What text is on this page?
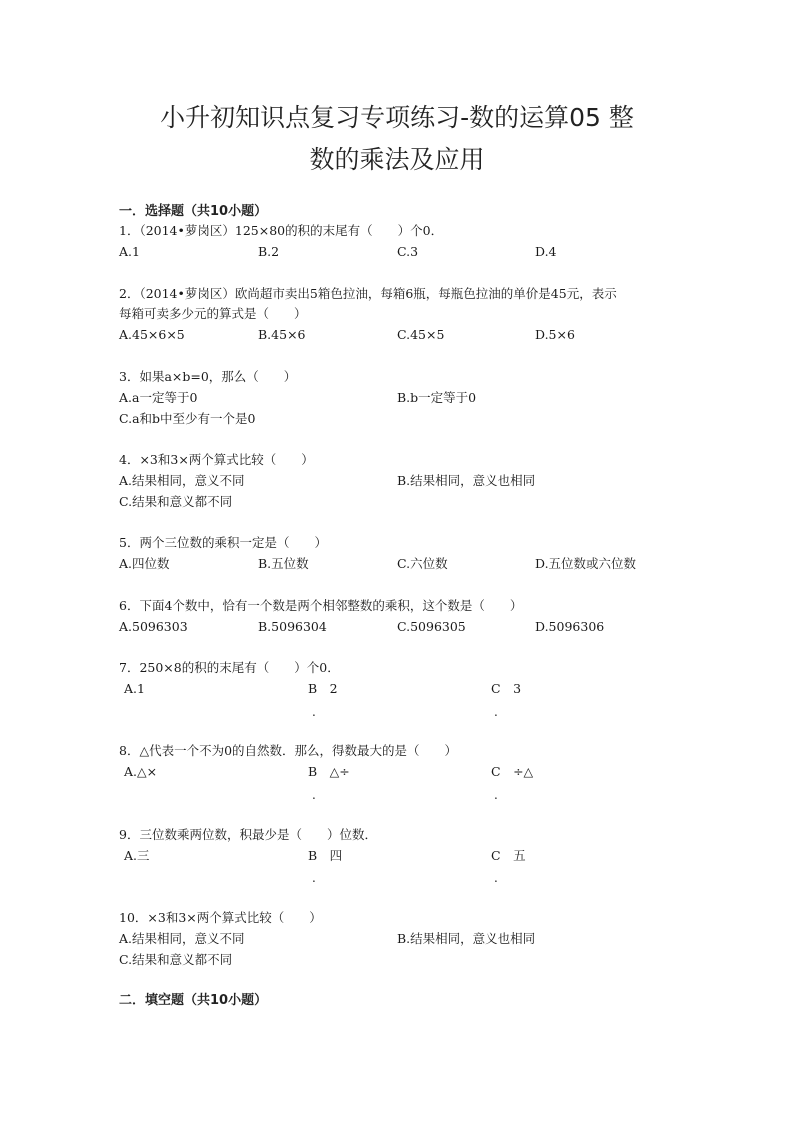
小升初知识点复习专项练习-数的运算05 整
数的乘法及应用
一．选择题（共10小题）
1．（2014•萝岗区）125×80的积的末尾有（　　）个0．
A.1	B.2	C.3	D.4
2．（2014•萝岗区）欧尚超市卖出5箱色拉油，每箱6瓶，每瓶色拉油的单价是45元，表示
每箱可卖多少元的算式是（　　）
A.45×6×5	B.45×6	C.45×5	D.5×6
3．如果a×b=0，那么（　　）
A.a一定等于0	B.b一定等于0
C.a和b中至少有一个是0
4．×3和3×两个算式比较（　　）
A.结果相同，意义不同	B.结果相同，意义也相同
C.结果和意义都不同
5．两个三位数的乘积一定是（　　）
A.四位数	B.五位数	C.六位数	D.五位数或六位数
6．下面4个数中，恰有一个数是两个相邻整数的乘积，这个数是（　　）
A.5096303	B.5096304	C.5096305	D.5096306
7．250×8的积的末尾有（　　）个0．
A.1	B　2	C　3
.	.
8．△代表一个不为0的自然数．那么，得数最大的是（　　）
A.△×	B　△÷	C　÷△
.	.
9．三位数乘两位数，积最少是（　　）位数．
A.三	B　四	C　五
.	.
10．×3和3×两个算式比较（　　）
A.结果相同，意义不同	B.结果相同，意义也相同
C.结果和意义都不同
二．填空题（共10小题）
